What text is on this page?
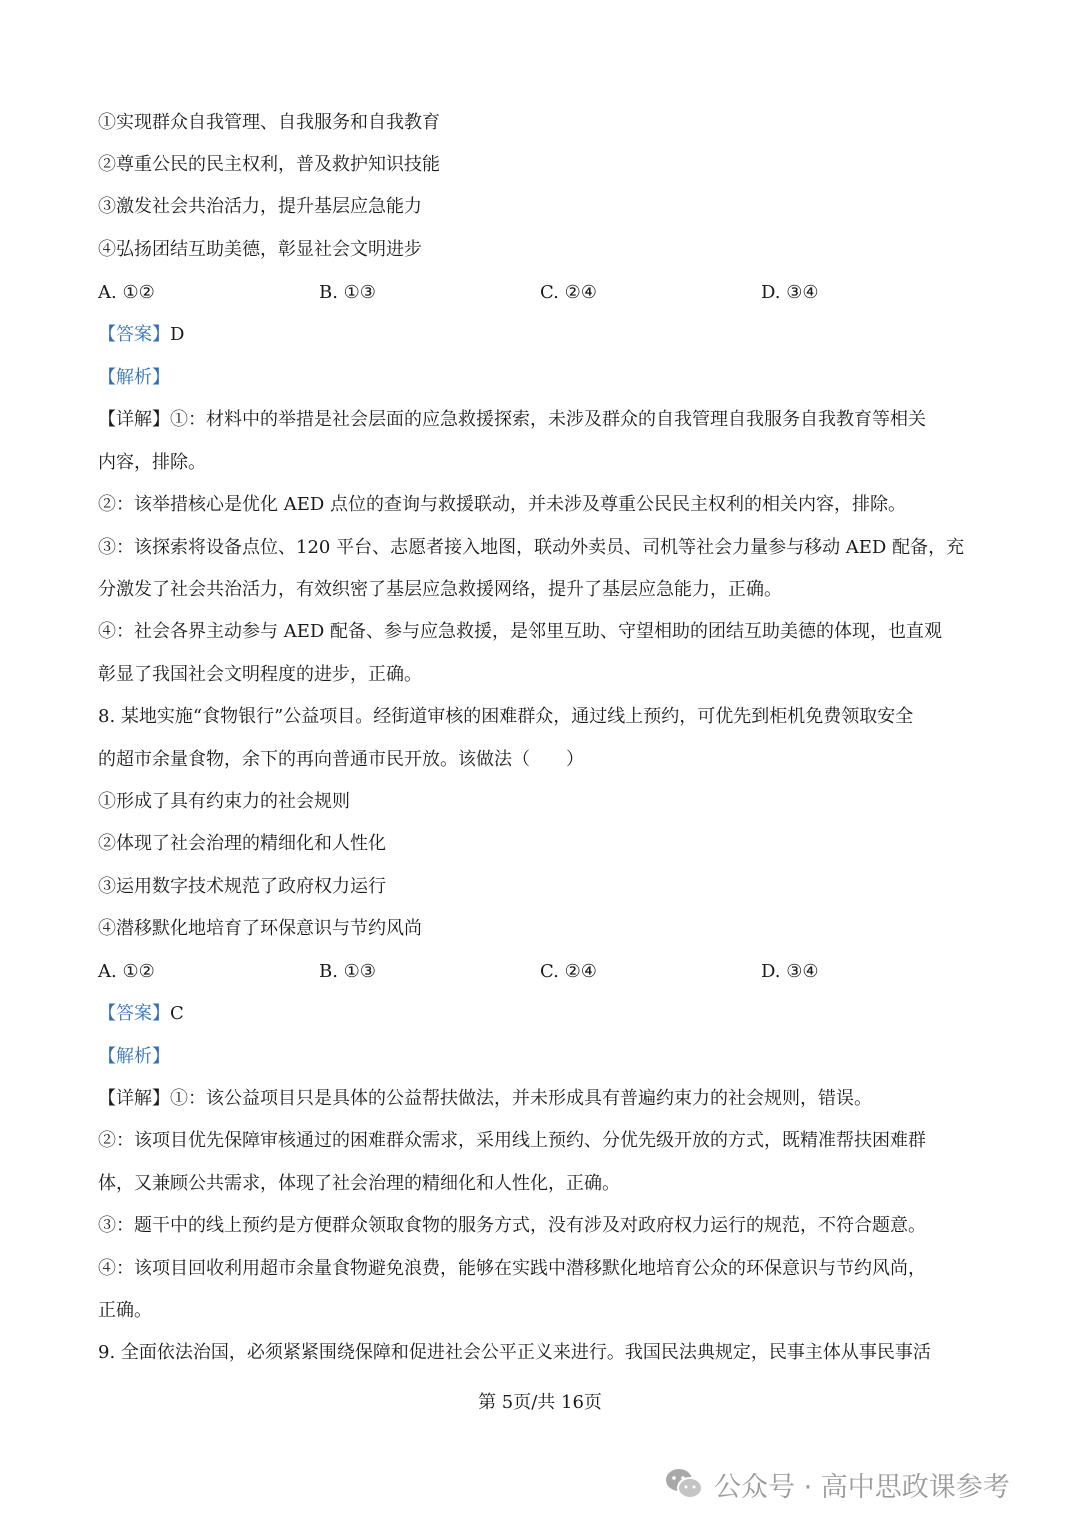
①实现群众自我管理、自我服务和自我教育
②尊重公民的民主权利，普及救护知识技能
③激发社会共治活力，提升基层应急能力
④弘扬团结互助美德，彰显社会文明进步
A. ①②	B. ①③	C. ②④	D. ③④
【答案】D
【解析】
【详解】①：材料中的举措是社会层面的应急救援探索，未涉及群众的自我管理自我服务自我教育等相关
内容，排除。
②：该举措核心是优化 AED 点位的查询与救援联动，并未涉及尊重公民民主权利的相关内容，排除。
③：该探索将设备点位、120 平台、志愿者接入地图，联动外卖员、司机等社会力量参与移动 AED 配备，充
分激发了社会共治活力，有效织密了基层应急救援网络，提升了基层应急能力，正确。
④：社会各界主动参与 AED 配备、参与应急救援，是邻里互助、守望相助的团结互助美德的体现，也直观
彰显了我国社会文明程度的进步，正确。
8. 某地实施“食物银行”公益项目。经街道审核的困难群众，通过线上预约，可优先到柜机免费领取安全
的超市余量食物，余下的再向普通市民开放。该做法（　　）
①形成了具有约束力的社会规则
②体现了社会治理的精细化和人性化
③运用数字技术规范了政府权力运行
④潜移默化地培育了环保意识与节约风尚
A. ①②	B. ①③	C. ②④	D. ③④
【答案】C
【解析】
【详解】①：该公益项目只是具体的公益帮扶做法，并未形成具有普遍约束力的社会规则，错误。
②：该项目优先保障审核通过的困难群众需求，采用线上预约、分优先级开放的方式，既精准帮扶困难群
体，又兼顾公共需求，体现了社会治理的精细化和人性化，正确。
③：题干中的线上预约是方便群众领取食物的服务方式，没有涉及对政府权力运行的规范，不符合题意。
④：该项目回收利用超市余量食物避免浪费，能够在实践中潜移默化地培育公众的环保意识与节约风尚，
正确。
9. 全面依法治国，必须紧紧围绕保障和促进社会公平正义来进行。我国民法典规定，民事主体从事民事活
第 5页/共 16页
公众号 · 高中思政课参考
